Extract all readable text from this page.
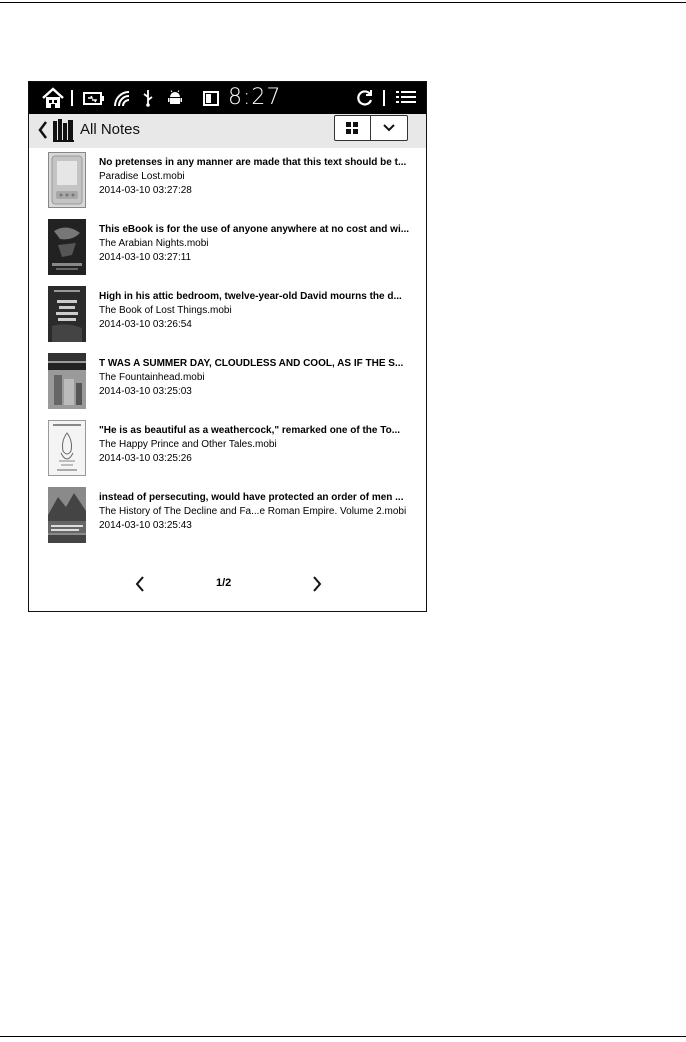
8:27
All Notes
No pretenses in any manner are made that this text should be t...
Paradise Lost.mobi
2014-03-10 03:27:28
This eBook is for the use of anyone anywhere at no cost and wi...
The Arabian Nights.mobi
2014-03-10 03:27:11
High in his attic bedroom, twelve-year-old David mourns the d...
The Book of Lost Things.mobi
2014-03-10 03:26:54
T WAS A SUMMER DAY, CLOUDLESS AND COOL, AS IF THE S...
The Fountainhead.mobi
2014-03-10 03:25:03
"He is as beautiful as a weathercock," remarked one of the To...
The Happy Prince and Other Tales.mobi
2014-03-10 03:25:26
instead of persecuting, would have protected an order of men ...
The History of The Decline and Fa...e Roman Empire. Volume 2.mobi
2014-03-10 03:25:43
1/2
